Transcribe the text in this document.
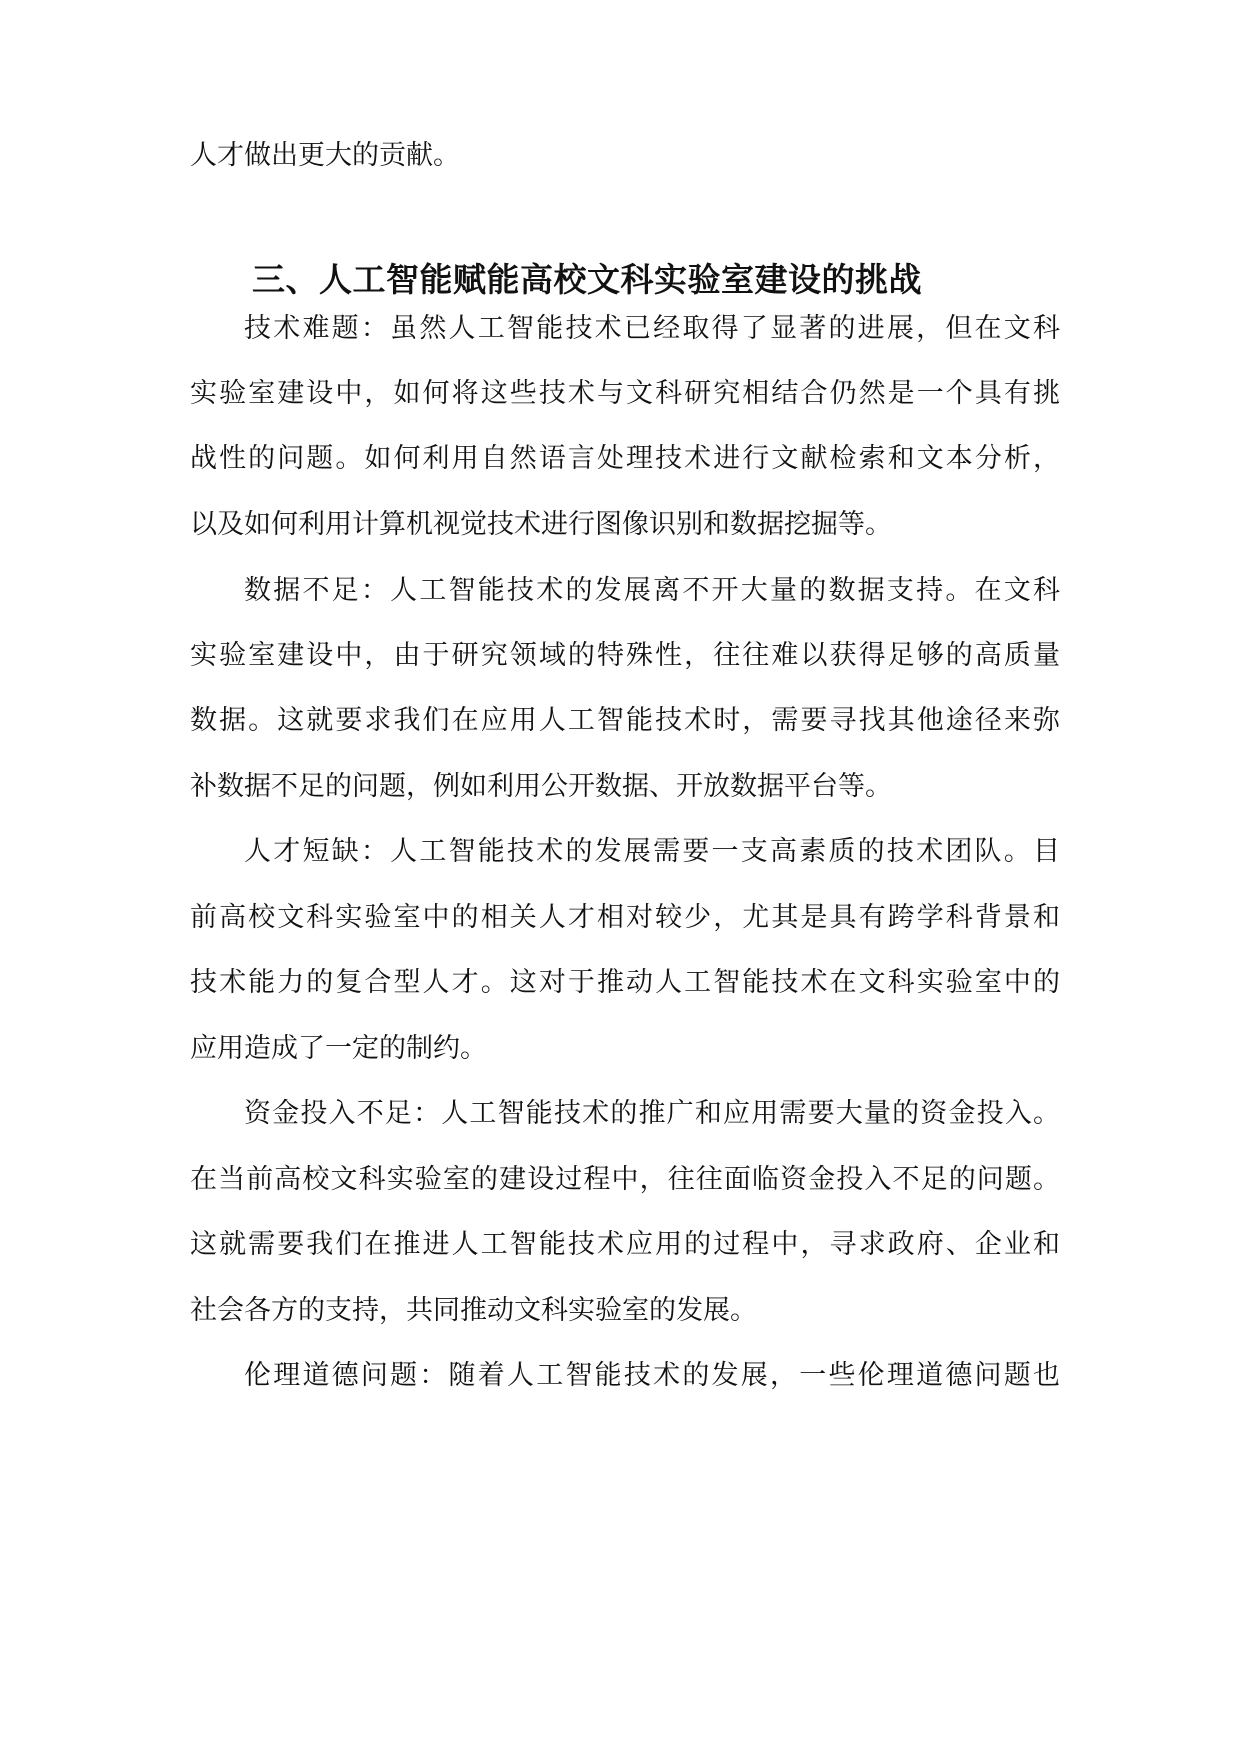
人才做出更大的贡献。
三、人工智能赋能高校文科实验室建设的挑战
技术难题：虽然人工智能技术已经取得了显著的进展，但在文科
实验室建设中，如何将这些技术与文科研究相结合仍然是一个具有挑
战性的问题。如何利用自然语言处理技术进行文献检索和文本分析，
以及如何利用计算机视觉技术进行图像识别和数据挖掘等。
数据不足：人工智能技术的发展离不开大量的数据支持。在文科
实验室建设中，由于研究领域的特殊性，往往难以获得足够的高质量
数据。这就要求我们在应用人工智能技术时，需要寻找其他途径来弥
补数据不足的问题，例如利用公开数据、开放数据平台等。
人才短缺：人工智能技术的发展需要一支高素质的技术团队。目
前高校文科实验室中的相关人才相对较少，尤其是具有跨学科背景和
技术能力的复合型人才。这对于推动人工智能技术在文科实验室中的
应用造成了一定的制约。
资金投入不足：人工智能技术的推广和应用需要大量的资金投入。
在当前高校文科实验室的建设过程中，往往面临资金投入不足的问题。
这就需要我们在推进人工智能技术应用的过程中，寻求政府、企业和
社会各方的支持，共同推动文科实验室的发展。
伦理道德问题：随着人工智能技术的发展，一些伦理道德问题也
